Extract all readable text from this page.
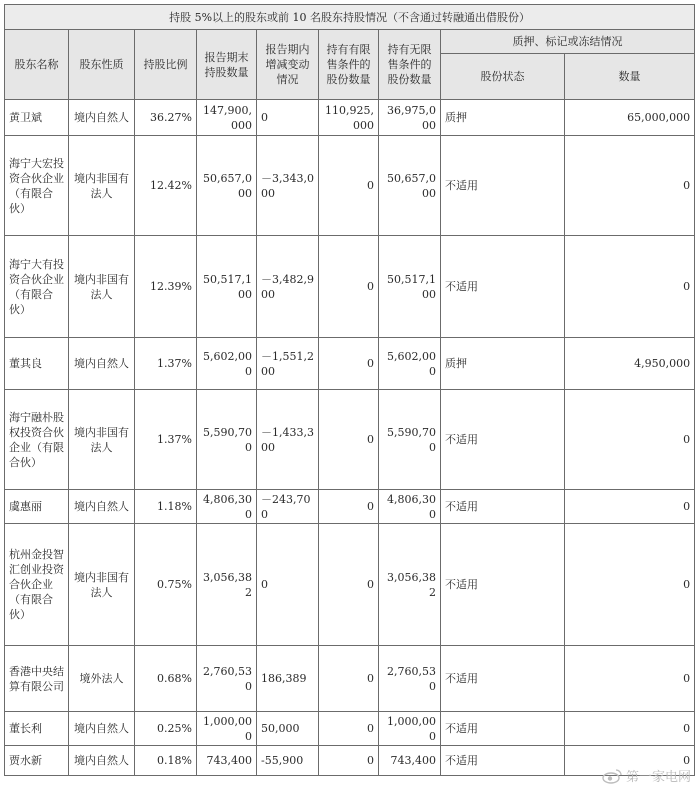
持股 5%以上的股东或前 10 名股东持股情况（不含通过转融通出借股份）								
股东名称	股东性质	持股比例	报告期末持股数量	报告期内增减变动情况	持有有限售条件的股份数量	持有无限售条件的股份数量	质押、标记或冻结情况	
							股份状态	数量
黄卫斌	境内自然人	36.27%	147,900,000	0	110,925,000	36,975,000	质押	65,000,000
海宁大宏投资合伙企业（有限合伙）	境内非国有法人	12.42%	50,657,000	－3,343,000	0	50,657,000	不适用	0
海宁大有投资合伙企业（有限合伙）	境内非国有法人	12.39%	50,517,100	－3,482,900	0	50,517,100	不适用	0
董其良	境内自然人	1.37%	5,602,000	－1,551,200	0	5,602,000	质押	4,950,000
海宁融朴股权投资合伙企业（有限合伙）	境内非国有法人	1.37%	5,590,700	－1,433,300	0	5,590,700	不适用	0
虞惠丽	境内自然人	1.18%	4,806,300	－243,700	0	4,806,300	不适用	0
杭州金投智汇创业投资合伙企业（有限合伙）	境内非国有法人	0.75%	3,056,382	0	0	3,056,382	不适用	0
香港中央结算有限公司	境外法人	0.68%	2,760,530	186,389	0	2,760,530	不适用	0
董长利	境内自然人	0.25%	1,000,000	50,000	0	1,000,000	不适用	0
贾水新	境内自然人	0.18%	743,400	-55,900	0	743,400	不适用	0
第一家电网
